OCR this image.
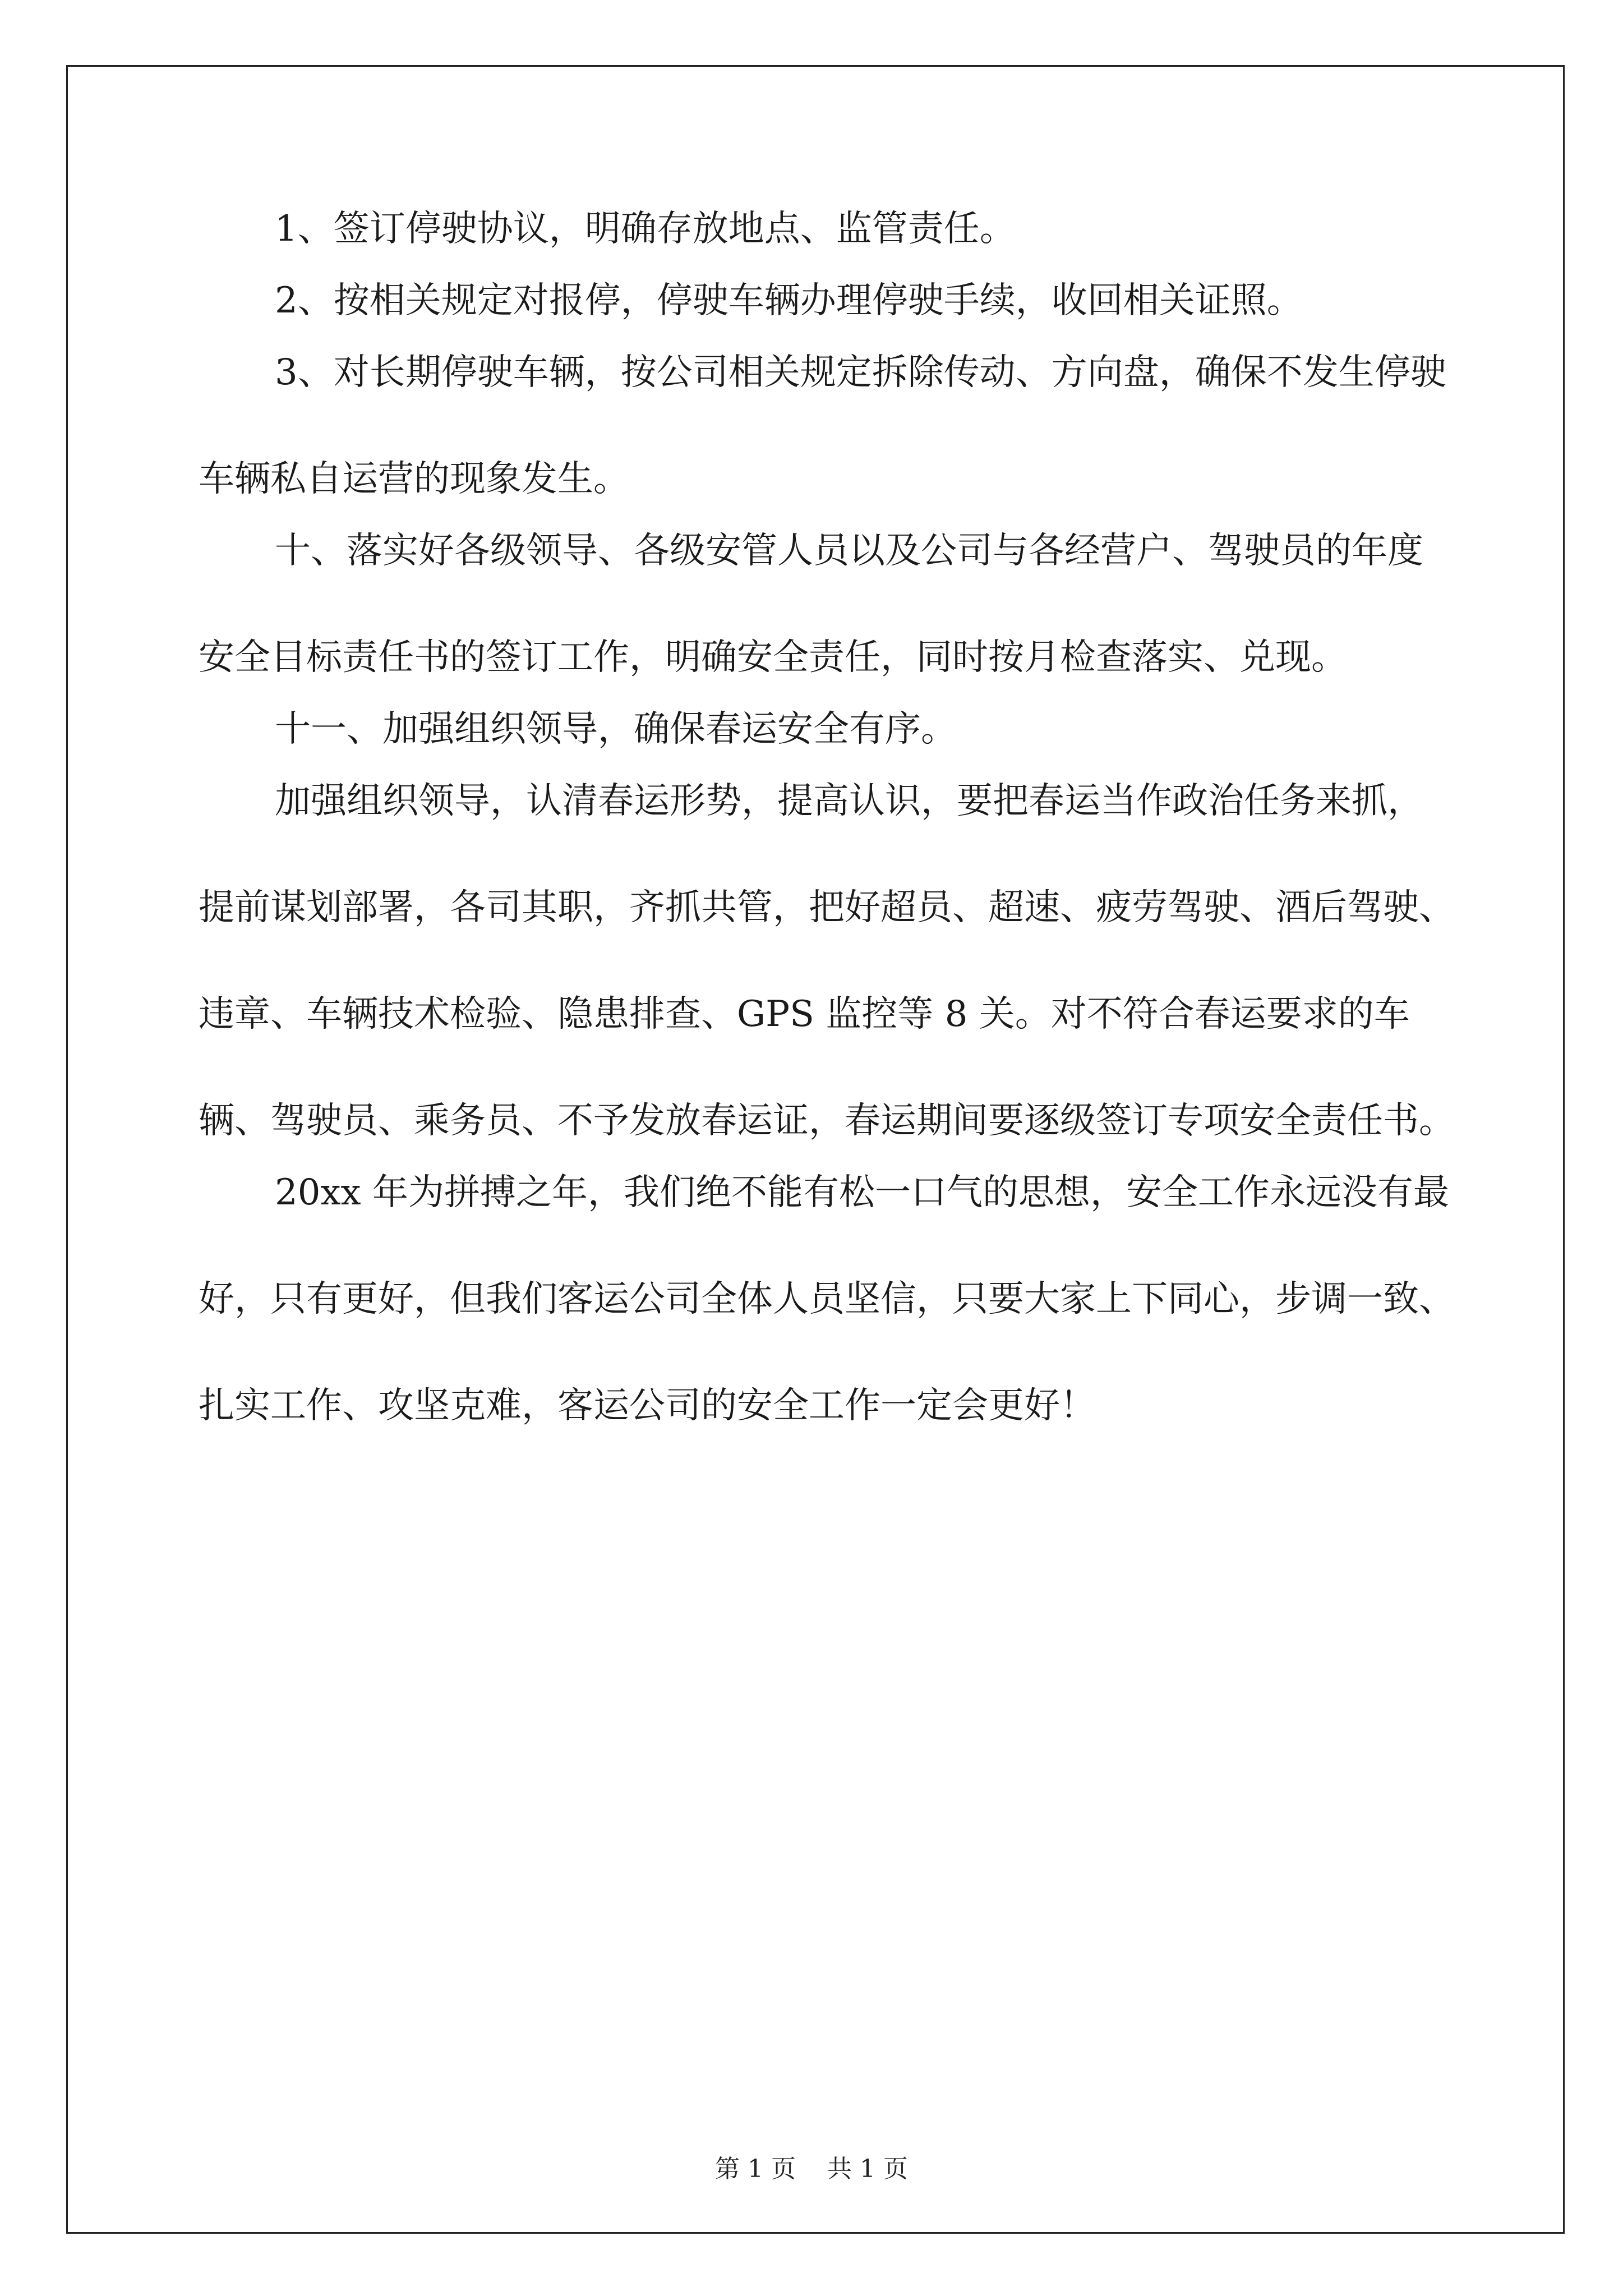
1、签订停驶协议，明确存放地点、监管责任。

2、按相关规定对报停，停驶车辆办理停驶手续，收回相关证照。

3、对长期停驶车辆，按公司相关规定拆除传动、方向盘，确保不发生停驶车辆私自运营的现象发生。

十、落实好各级领导、各级安管人员以及公司与各经营户、驾驶员的年度安全目标责任书的签订工作，明确安全责任，同时按月检查落实、兑现。

十一、加强组织领导，确保春运安全有序。

加强组织领导，认清春运形势，提高认识，要把春运当作政治任务来抓，提前谋划部署，各司其职，齐抓共管，把好超员、超速、疲劳驾驶、酒后驾驶、违章、车辆技术检验、隐患排查、GPS 监控等 8 关。对不符合春运要求的车辆、驾驶员、乘务员、不予发放春运证，春运期间要逐级签订专项安全责任书。

20xx 年为拼搏之年，我们绝不能有松一口气的思想，安全工作永远没有最好，只有更好，但我们客运公司全体人员坚信，只要大家上下同心，步调一致、扎实工作、攻坚克难，客运公司的安全工作一定会更好！

第 1 页    共 1 页
